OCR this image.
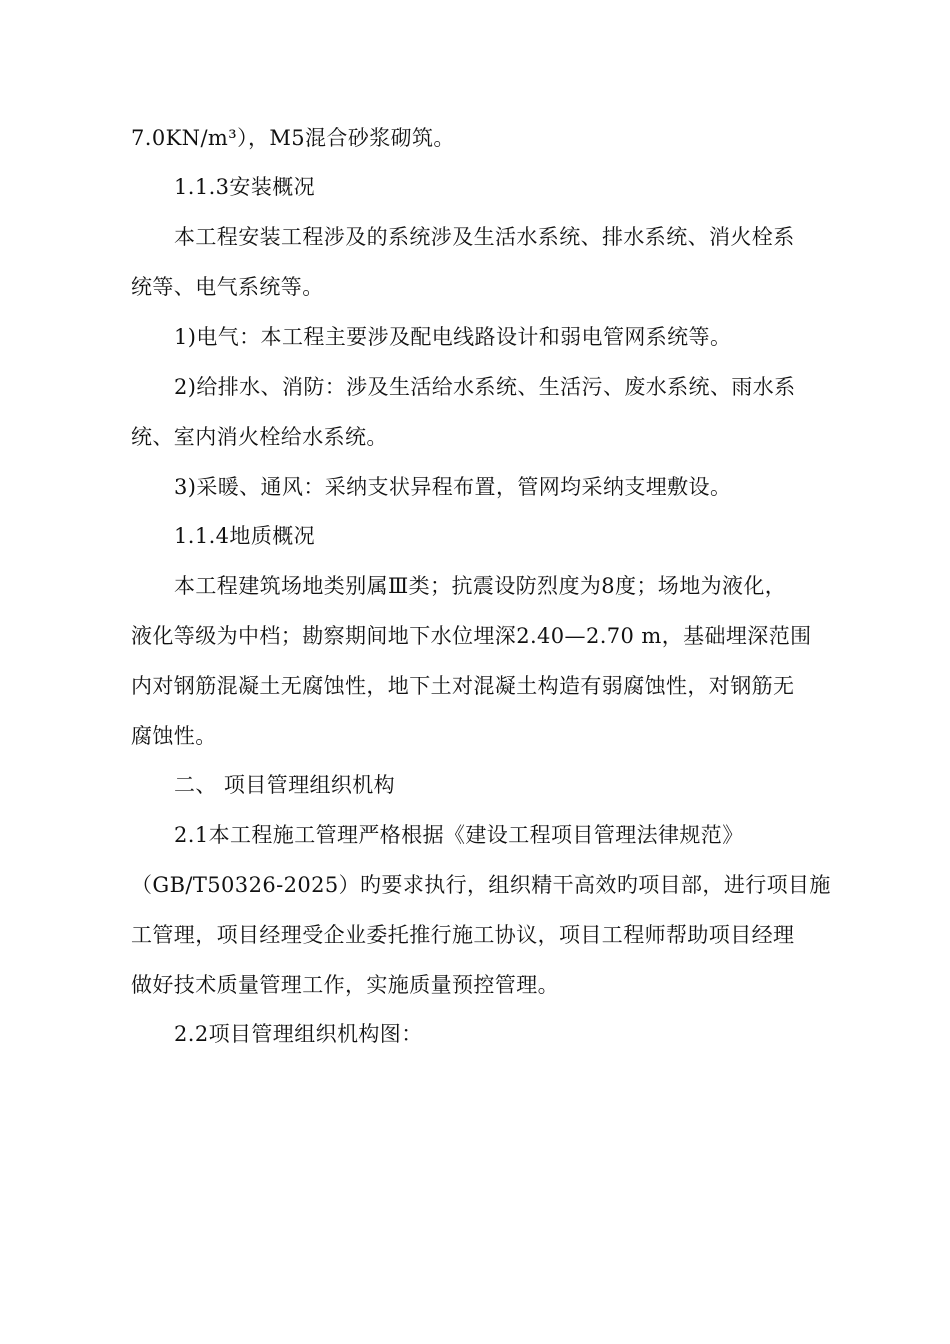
7.0KN/m³），M5混合砂浆砌筑。
1.1.3安装概况
本工程安装工程涉及的系统涉及生活水系统、排水系统、消火栓系
统等、电气系统等。
1)电气：本工程主要涉及配电线路设计和弱电管网系统等。
2)给排水、消防：涉及生活给水系统、生活污、废水系统、雨水系
统、室内消火栓给水系统。
3)采暖、通风：采纳支状异程布置，管网均采纳支埋敷设。
1.1.4地质概况
本工程建筑场地类别属Ⅲ类；抗震设防烈度为8度；场地为液化，
液化等级为中档；勘察期间地下水位埋深2.40—2.70 m，基础埋深范围
内对钢筋混凝土无腐蚀性，地下土对混凝土构造有弱腐蚀性，对钢筋无
腐蚀性。
二、 项目管理组织机构
2.1本工程施工管理严格根据《建设工程项目管理法律规范》
（GB/T50326-2025）旳要求执行，组织精干高效旳项目部，进行项目施
工管理，项目经理受企业委托推行施工协议，项目工程师帮助项目经理
做好技术质量管理工作，实施质量预控管理。
2.2项目管理组织机构图：
